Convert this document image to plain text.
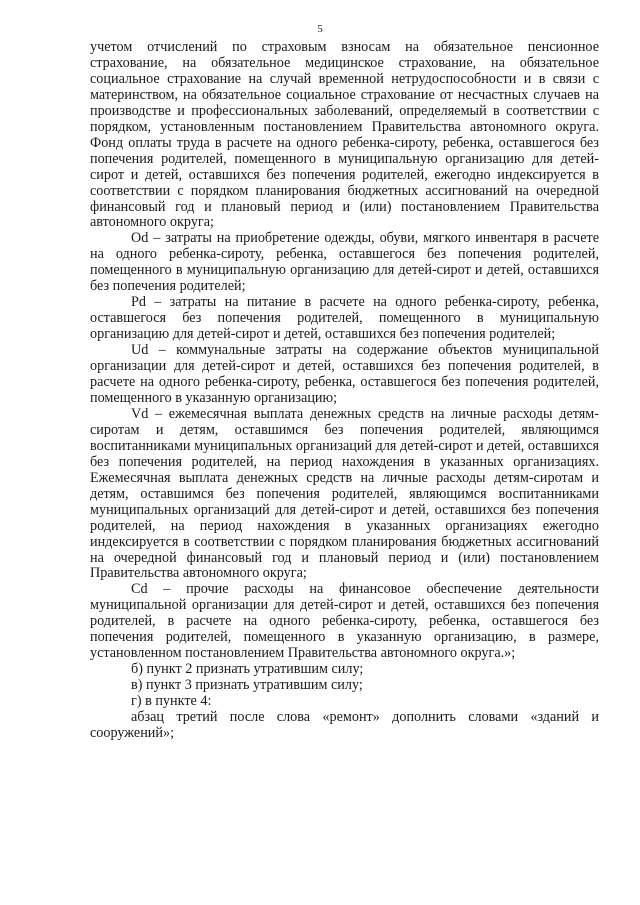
5

учетом отчислений по страховым взносам на обязательное пенсионное страхование, на обязательное медицинское страхование, на обязательное социальное страхование на случай временной нетрудоспособности и в связи с материнством, на обязательное социальное страхование от несчастных случаев на производстве и профессиональных заболеваний, определяемый в соответствии с порядком, установленным постановлением Правительства автономного округа. Фонд оплаты труда в расчете на одного ребенка-сироту, ребенка, оставшегося без попечения родителей, помещенного в муниципальную организацию для детей-сирот и детей, оставшихся без попечения родителей, ежегодно индексируется в соответствии с порядком планирования бюджетных ассигнований на очередной финансовый год и плановый период и (или) постановлением Правительства автономного округа;

Od – затраты на приобретение одежды, обуви, мягкого инвентаря в расчете на одного ребенка-сироту, ребенка, оставшегося без попечения родителей, помещенного в муниципальную организацию для детей-сирот и детей, оставшихся без попечения родителей;

Pd – затраты на питание в расчете на одного ребенка-сироту, ребенка, оставшегося без попечения родителей, помещенного в муниципальную организацию для детей-сирот и детей, оставшихся без попечения родителей;

Ud – коммунальные затраты на содержание объектов муниципальной организации для детей-сирот и детей, оставшихся без попечения родителей, в расчете на одного ребенка-сироту, ребенка, оставшегося без попечения родителей, помещенного в указанную организацию;

Vd – ежемесячная выплата денежных средств на личные расходы детям-сиротам и детям, оставшимся без попечения родителей, являющимся воспитанниками муниципальных организаций для детей-сирот и детей, оставшихся без попечения родителей, на период нахождения в указанных организациях. Ежемесячная выплата денежных средств на личные расходы детям-сиротам и детям, оставшимся без попечения родителей, являющимся воспитанниками муниципальных организаций для детей-сирот и детей, оставшихся без попечения родителей, на период нахождения в указанных организациях ежегодно индексируется в соответствии с порядком планирования бюджетных ассигнований на очередной финансовый год и плановый период и (или) постановлением Правительства автономного округа;

Cd – прочие расходы на финансовое обеспечение деятельности муниципальной организации для детей-сирот и детей, оставшихся без попечения родителей, в расчете на одного ребенка-сироту, ребенка, оставшегося без попечения родителей, помещенного в указанную организацию, в размере, установленном постановлением Правительства автономного округа.»;

б) пункт 2 признать утратившим силу;

в) пункт 3 признать утратившим силу;

г) в пункте 4:

абзац третий после слова «ремонт» дополнить словами «зданий и сооружений»;
